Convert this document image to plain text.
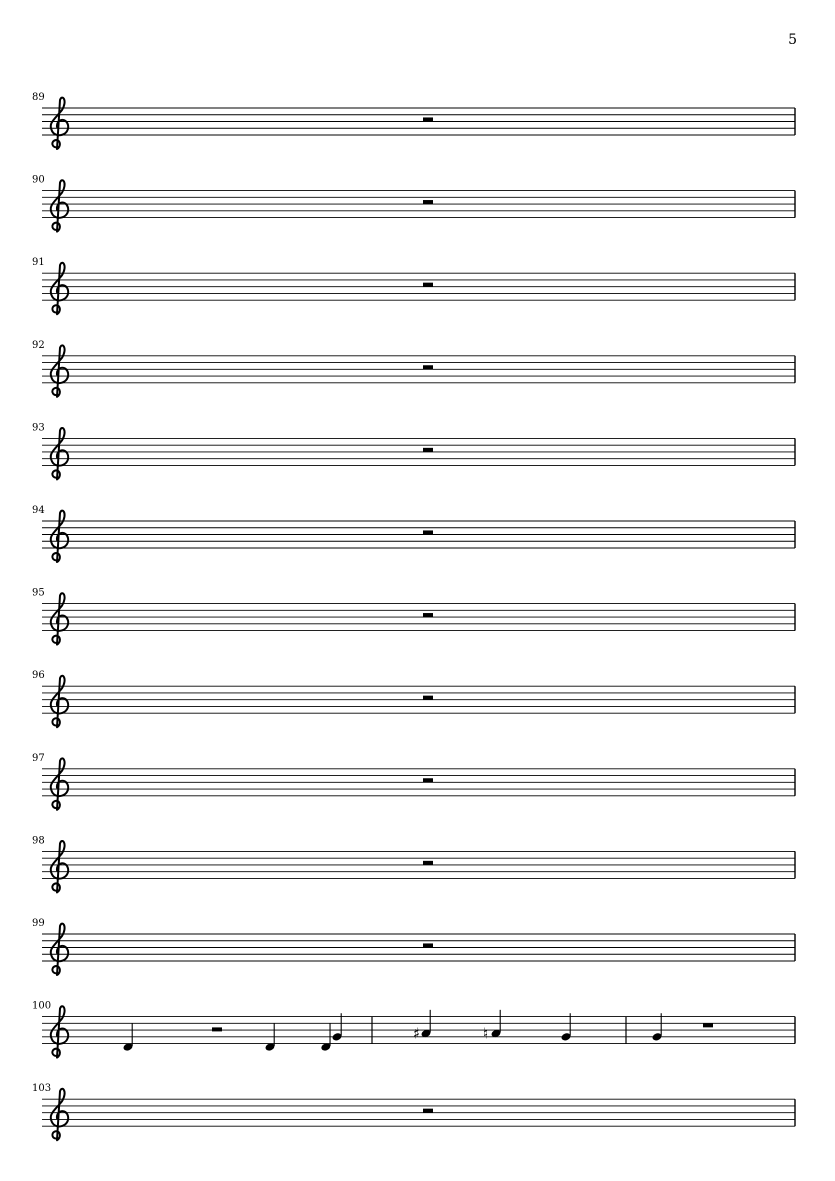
5
89
90
91
92
93
94
95
96
97
98
99
100
♯	♮
103
